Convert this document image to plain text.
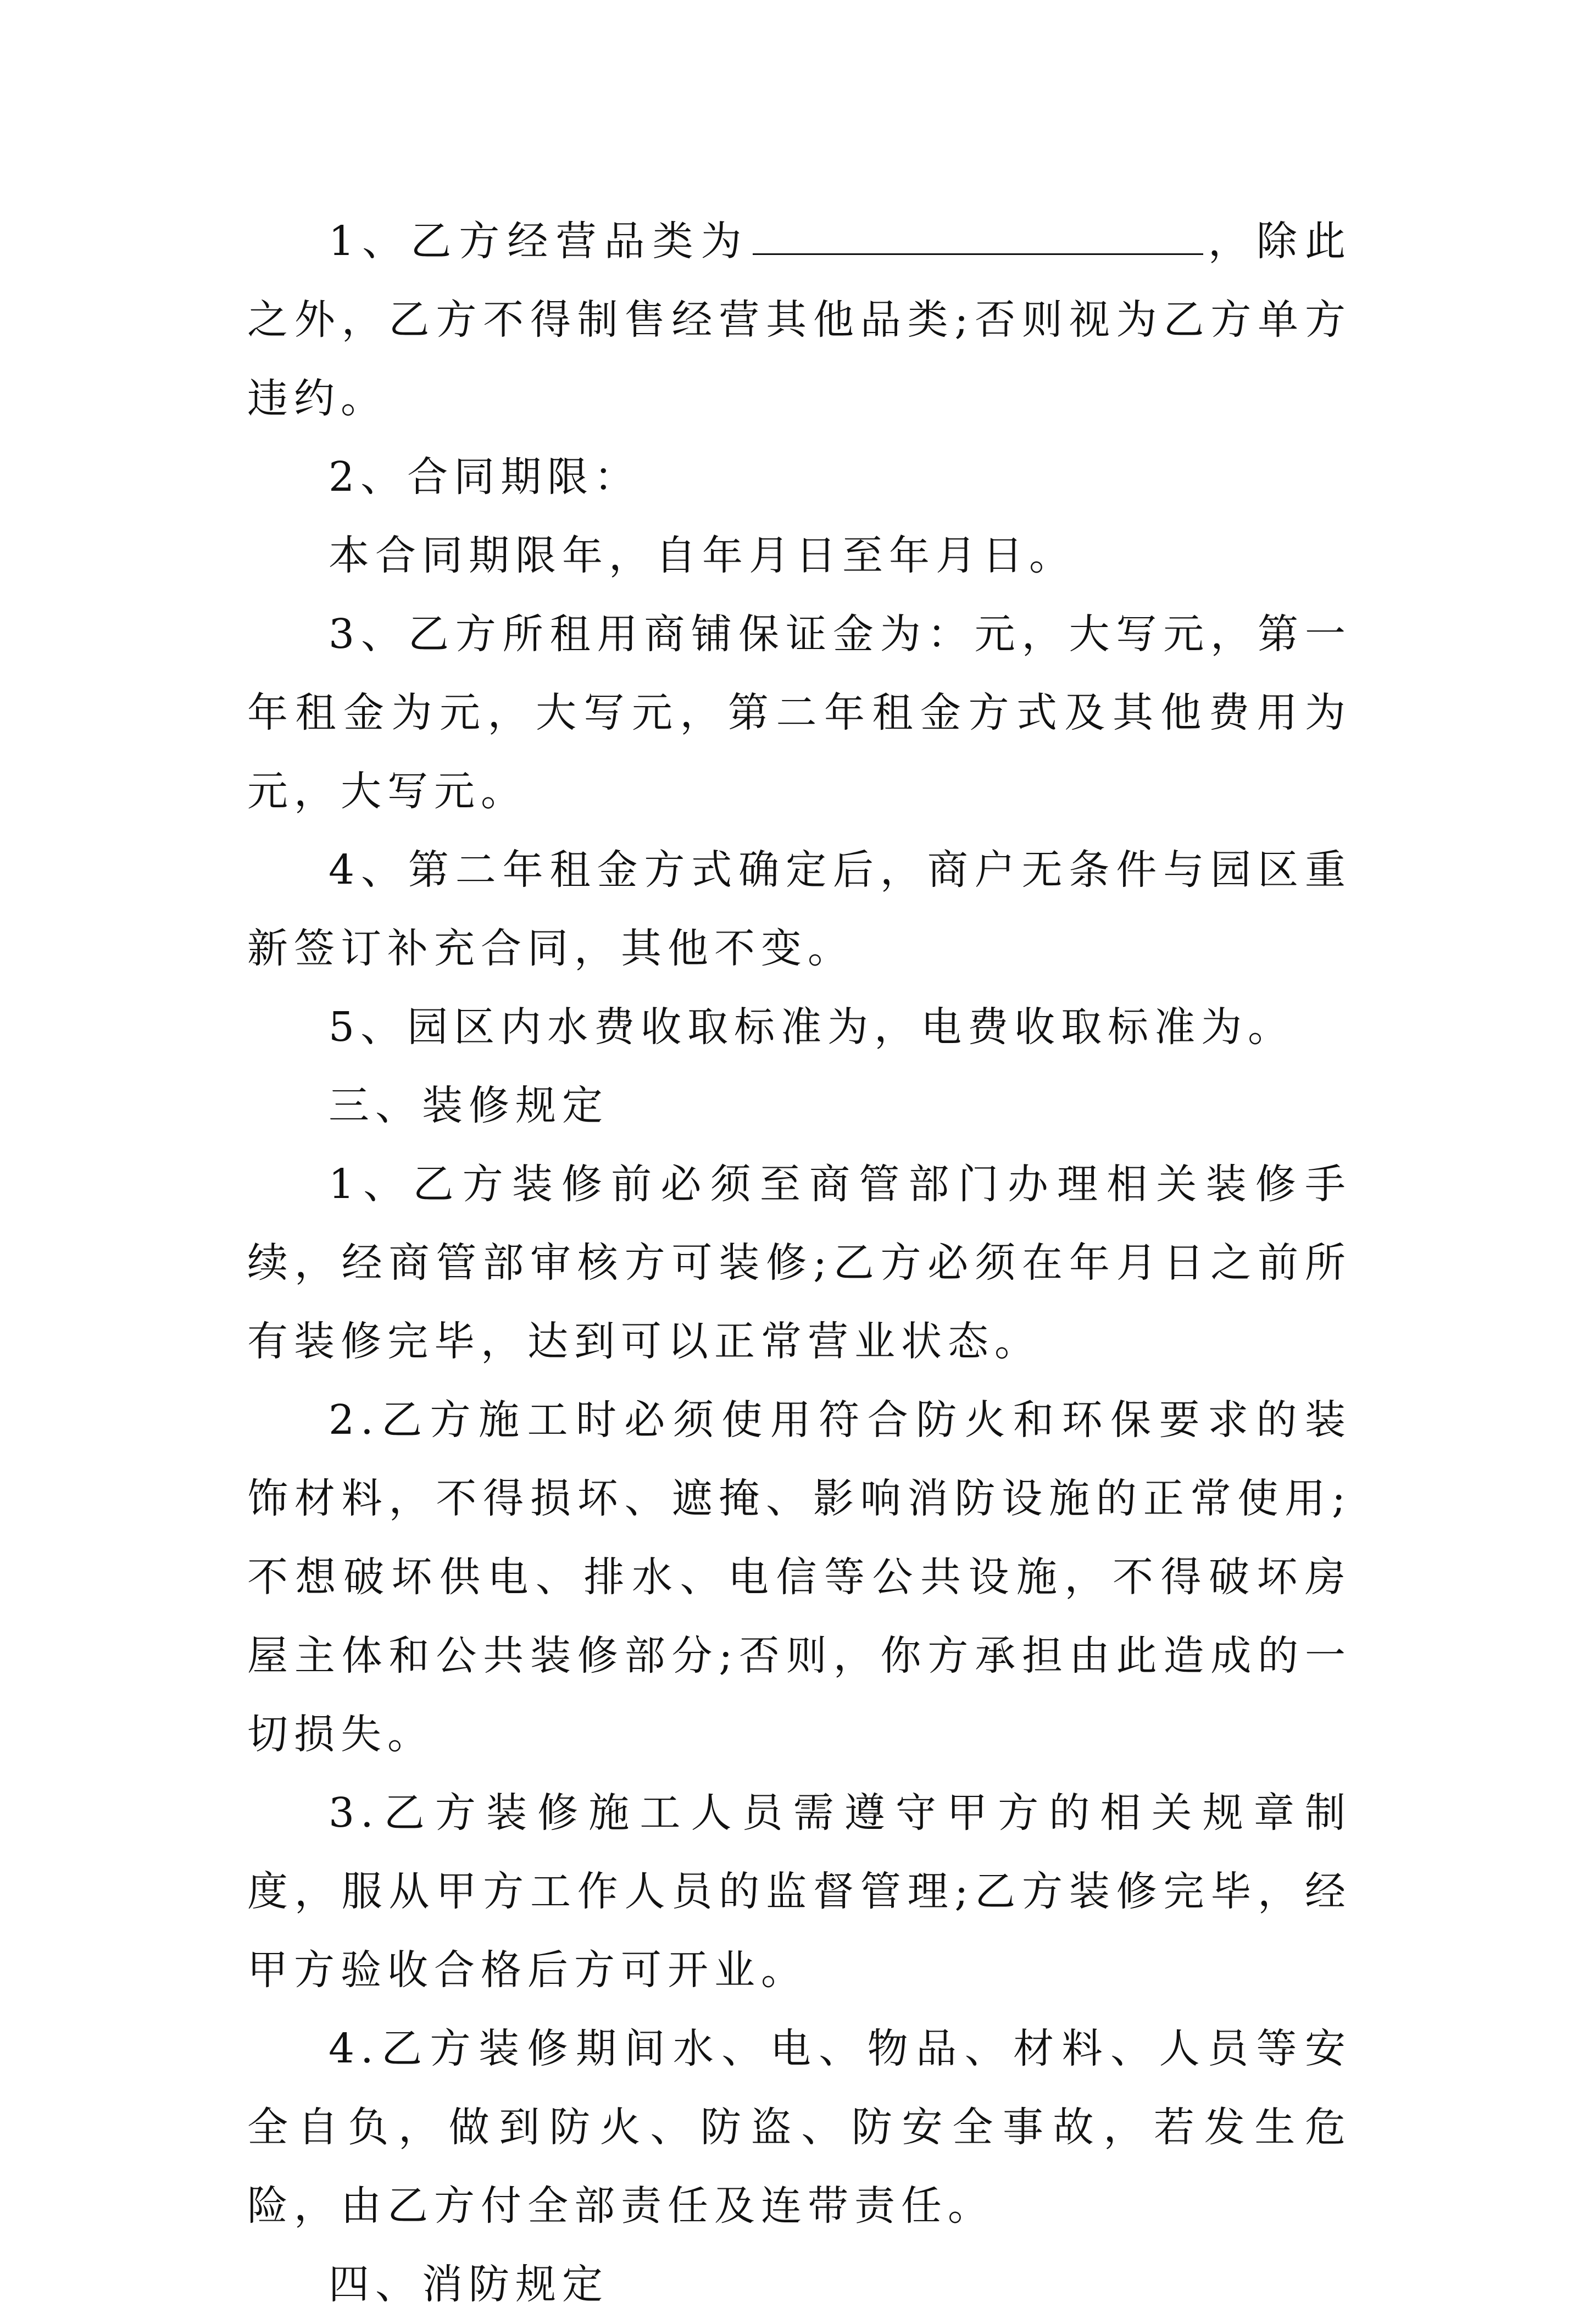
1、乙方经营品类为	，除此之外，乙方不得制售经营其他品类;否则视为乙方单方违约。

2、合同期限：

本合同期限年，自年月日至年月日。

3、乙方所租用商铺保证金为：元，大写元，第一年租金为元，大写元，第二年租金方式及其他费用为元，大写元。

4、第二年租金方式确定后，商户无条件与园区重新签订补充合同，其他不变。

5、园区内水费收取标准为，电费收取标准为。

三、装修规定

1、乙方装修前必须至商管部门办理相关装修手续，经商管部审核方可装修;乙方必须在年月日之前所有装修完毕，达到可以正常营业状态。

2.乙方施工时必须使用符合防火和环保要求的装饰材料，不得损坏、遮掩、影响消防设施的正常使用;不想破坏供电、排水、电信等公共设施，不得破坏房屋主体和公共装修部分;否则，你方承担由此造成的一切损失。

3.乙方装修施工人员需遵守甲方的相关规章制度，服从甲方工作人员的监督管理;乙方装修完毕，经甲方验收合格后方可开业。

4.乙方装修期间水、电、物品、材料、人员等安全自负，做到防火、防盗、防安全事故，若发生危险，由乙方付全部责任及连带责任。

四、消防规定
